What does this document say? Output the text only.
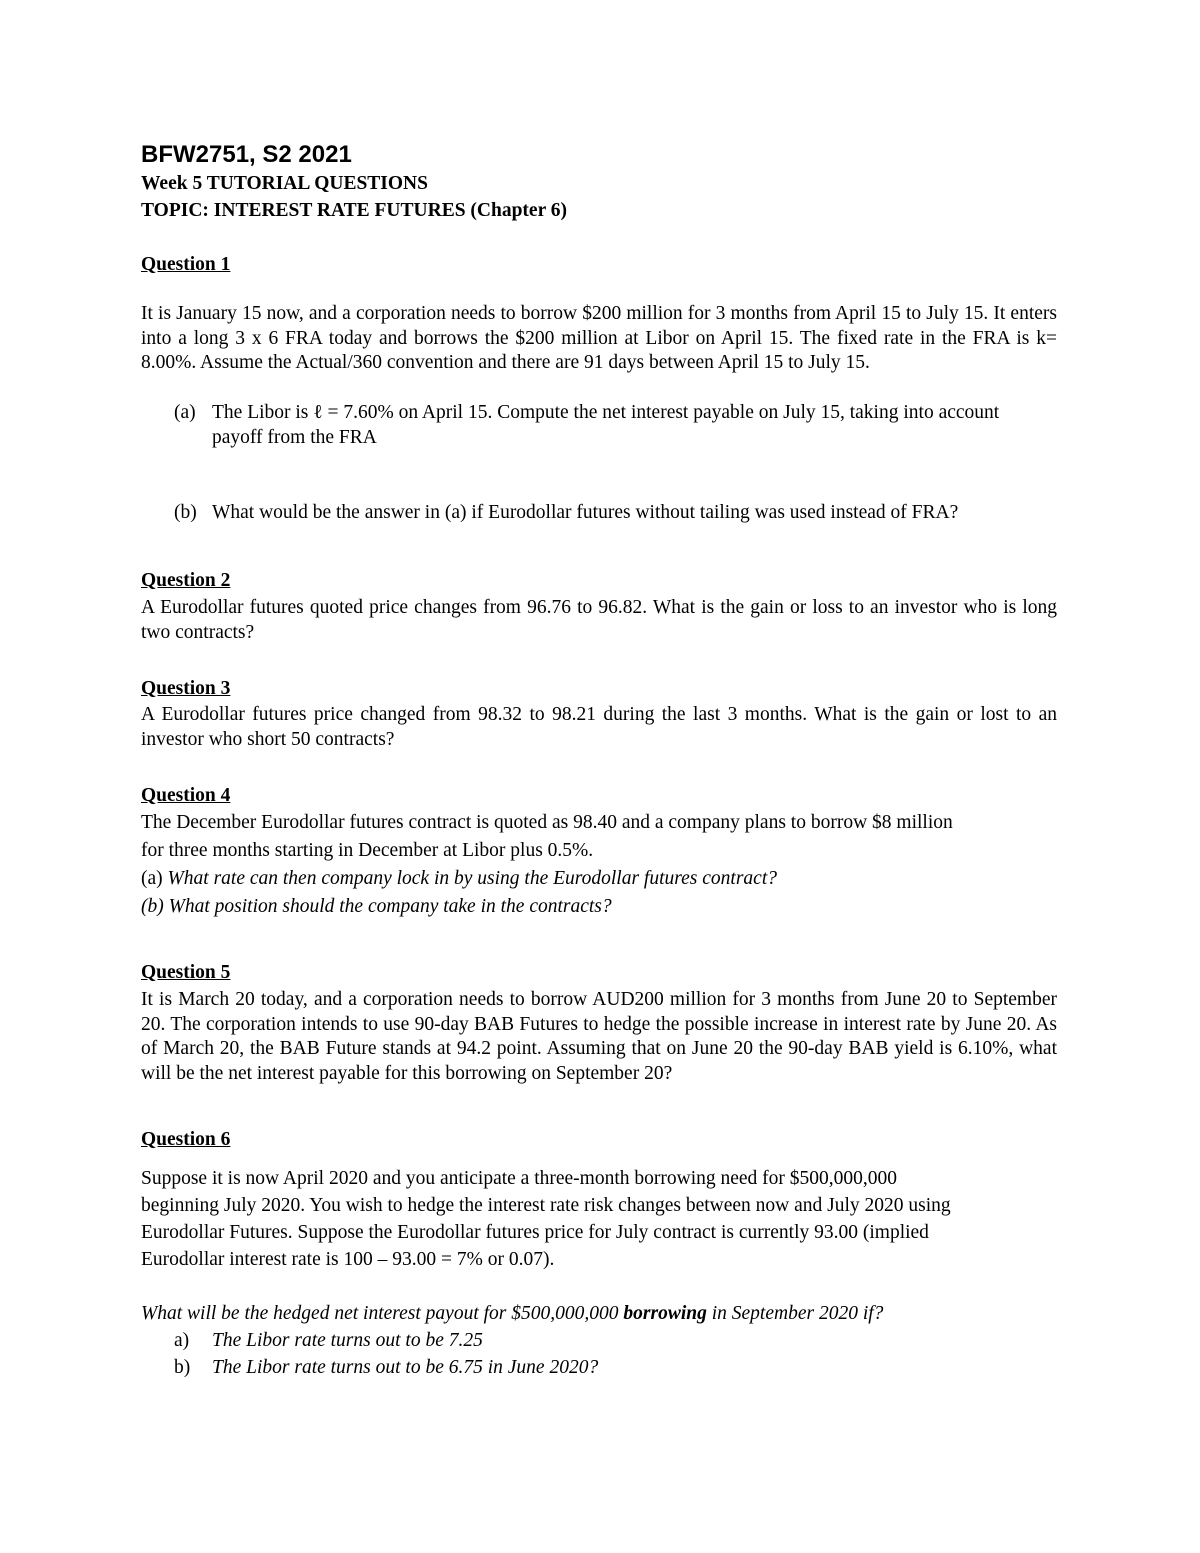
BFW2751, S2 2021
Week 5 TUTORIAL QUESTIONS
TOPIC: INTEREST RATE FUTURES (Chapter 6)
Question 1
It is January 15 now, and a corporation needs to borrow $200 million for 3 months from April 15 to July 15. It enters into a long 3 x 6 FRA today and borrows the $200 million at Libor on April 15. The fixed rate in the FRA is k= 8.00%. Assume the Actual/360 convention and there are 91 days between April 15 to July 15.
(a) The Libor is ℓ = 7.60% on April 15. Compute the net interest payable on July 15, taking into account
payoff from the FRA
(b) What would be the answer in (a) if Eurodollar futures without tailing was used instead of FRA?
Question 2
A Eurodollar futures quoted price changes from 96.76 to 96.82. What is the gain or loss to an investor who is long two contracts?
Question 3
A Eurodollar futures price changed from 98.32 to 98.21 during the last 3 months. What is the gain or lost to an investor who short 50 contracts?
Question 4
The December Eurodollar futures contract is quoted as 98.40 and a company plans to borrow $8 million
for three months starting in December at Libor plus 0.5%.
(a) What rate can then company lock in by using the Eurodollar futures contract?
(b) What position should the company take in the contracts?
Question 5
It is March 20 today, and a corporation needs to borrow AUD200 million for 3 months from June 20 to September 20. The corporation intends to use 90-day BAB Futures to hedge the possible increase in interest rate by June 20. As of March 20, the BAB Future stands at 94.2 point. Assuming that on June 20 the 90-day BAB yield is 6.10%, what will be the net interest payable for this borrowing on September 20?
Question 6
Suppose it is now April 2020 and you anticipate a three-month borrowing need for $500,000,000
beginning July 2020. You wish to hedge the interest rate risk changes between now and July 2020 using
Eurodollar Futures. Suppose the Eurodollar futures price for July contract is currently 93.00 (implied
Eurodollar interest rate is 100 – 93.00 = 7% or 0.07).
What will be the hedged net interest payout for $500,000,000 borrowing in September 2020 if?
a) The Libor rate turns out to be 7.25
b) The Libor rate turns out to be 6.75 in June 2020?
